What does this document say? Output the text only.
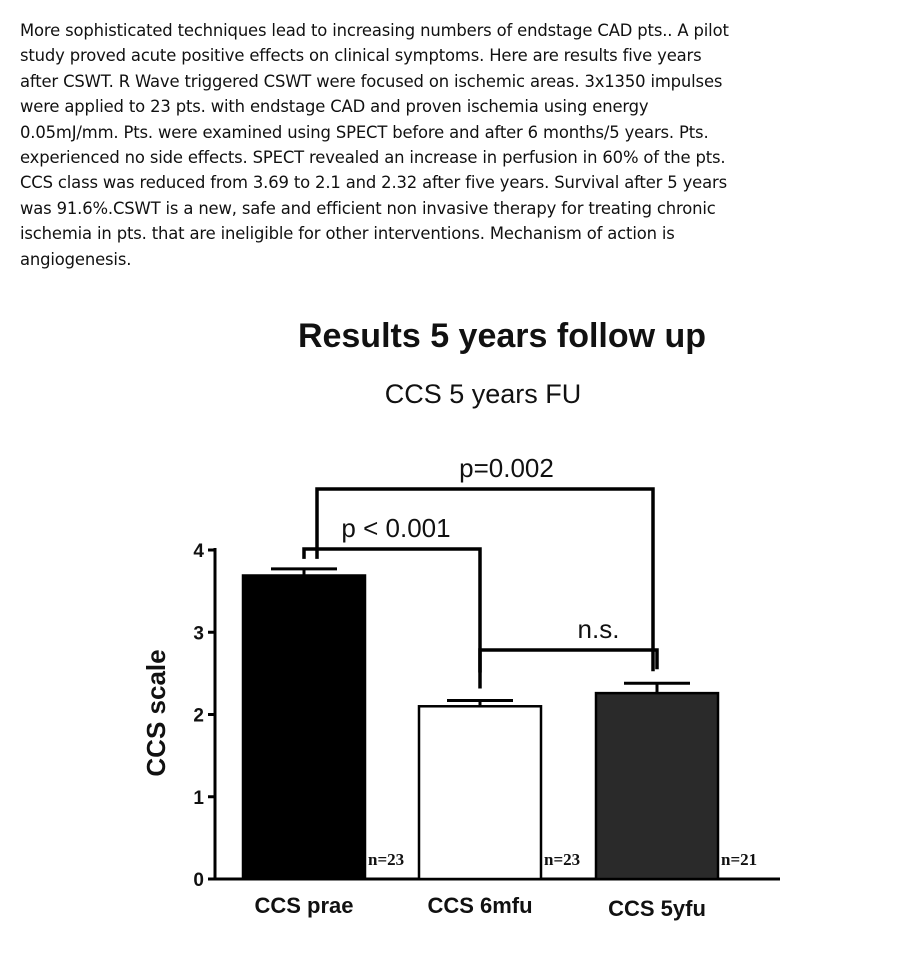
More sophisticated techniques lead to increasing numbers of endstage CAD pts.. A pilot
study proved acute positive effects on clinical symptoms. Here are results five years
after CSWT. R Wave triggered CSWT were focused on ischemic areas. 3x1350 impulses
were applied to 23 pts. with endstage CAD and proven ischemia using energy
0.05mJ/mm. Pts. were examined using SPECT before and after 6 months/5 years. Pts.
experienced no side effects. SPECT revealed an increase in perfusion in 60% of the pts.
CCS class was reduced from 3.69 to 2.1 and 2.32 after five years. Survival after 5 years
was 91.6%.CSWT is a new, safe and efficient non invasive therapy for treating chronic
ischemia in pts. that are ineligible for other interventions. Mechanism of action is
angiogenesis.

Results 5 years follow up
CCS 5 years FU
CCS scale
0
1
2
3
4
n=23
CCS prae
n=23
CCS 6mfu
n=21
CCS 5yfu
p=0.002
p < 0.001
n.s.
